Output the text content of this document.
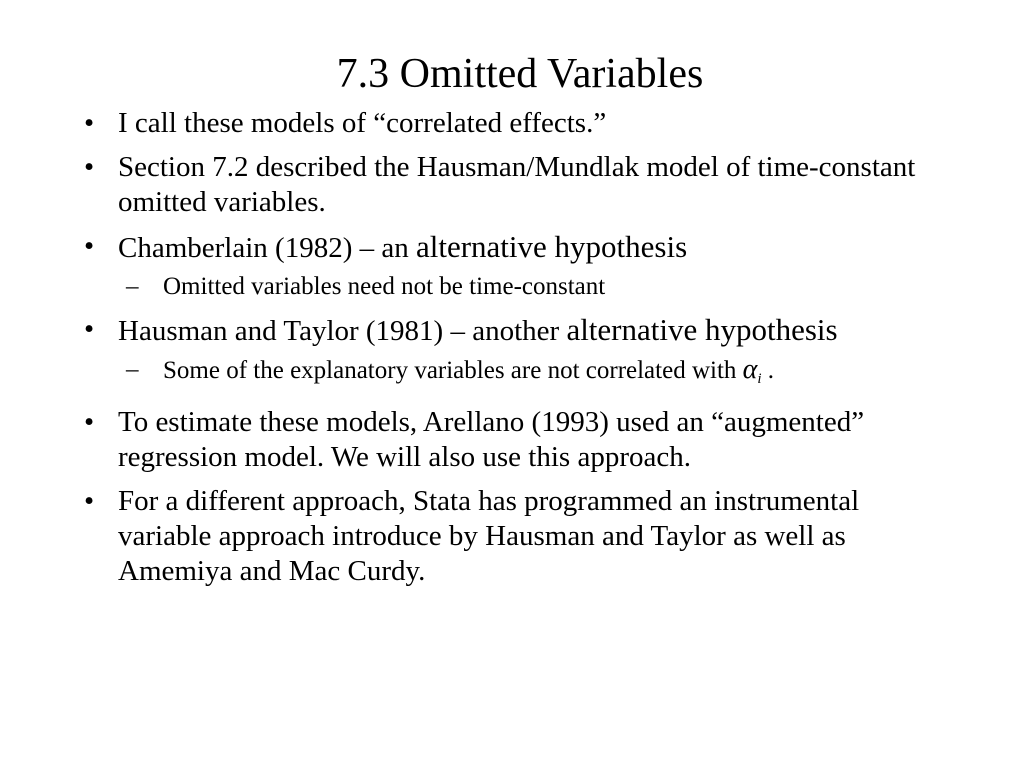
7.3 Omitted Variables
• I call these models of “correlated effects.”
• Section 7.2 described the Hausman/Mundlak model of time-constant omitted variables.
• Chamberlain (1982) – an alternative hypothesis
– Omitted variables need not be time-constant
• Hausman and Taylor (1981) – another alternative hypothesis
– Some of the explanatory variables are not correlated with $\alpha_i$ .
• To estimate these models, Arellano (1993) used an “augmented” regression model. We will also use this approach.
• For a different approach, Stata has programmed an instrumental variable approach introduce by Hausman and Taylor as well as Amemiya and Mac Curdy.
